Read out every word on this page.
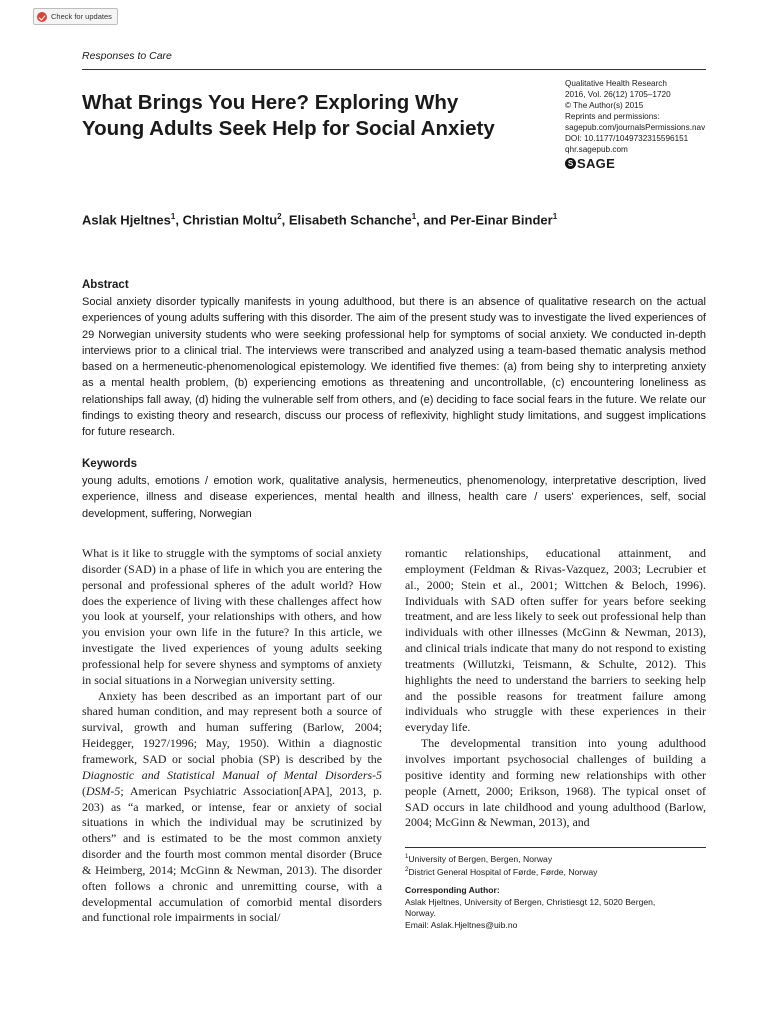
Check for updates
Responses to Care
What Brings You Here? Exploring Why Young Adults Seek Help for Social Anxiety
Qualitative Health Research
2016, Vol. 26(12) 1705–1720
© The Author(s) 2015
Reprints and permissions:
sagepub.com/journalsPermissions.nav
DOI: 10.1177/1049732315596151
qhr.sagepub.com
S SAGE
Aslak Hjeltnes$^1$, Christian Moltu$^2$, Elisabeth Schanche$^1$, and Per-Einar Binder$^1$
Abstract
Social anxiety disorder typically manifests in young adulthood, but there is an absence of qualitative research on the actual experiences of young adults suffering with this disorder. The aim of the present study was to investigate the lived experiences of 29 Norwegian university students who were seeking professional help for symptoms of social anxiety. We conducted in-depth interviews prior to a clinical trial. The interviews were transcribed and analyzed using a team-based thematic analysis method based on a hermeneutic-phenomenological epistemology. We identified five themes: (a) from being shy to interpreting anxiety as a mental health problem, (b) experiencing emotions as threatening and uncontrollable, (c) encountering loneliness as relationships fall away, (d) hiding the vulnerable self from others, and (e) deciding to face social fears in the future. We relate our findings to existing theory and research, discuss our process of reflexivity, highlight study limitations, and suggest implications for future research.
Keywords
young adults, emotions / emotion work, qualitative analysis, hermeneutics, phenomenology, interpretative description, lived experience, illness and disease experiences, mental health and illness, health care / users' experiences, self, social development, suffering, Norwegian

What is it like to struggle with the symptoms of social anxiety disorder (SAD) in a phase of life in which you are entering the personal and professional spheres of the adult world? How does the experience of living with these challenges affect how you look at yourself, your relationships with others, and how you envision your own life in the future? In this article, we investigate the lived experiences of young adults seeking professional help for severe shyness and symptoms of anxiety in social situations in a Norwegian university setting.

Anxiety has been described as an important part of our shared human condition, and may represent both a source of survival, growth and human suffering (Barlow, 2004; Heidegger, 1927/1996; May, 1950). Within a diagnostic framework, SAD or social phobia (SP) is described by the Diagnostic and Statistical Manual of Mental Disorders-5 (DSM-5; American Psychiatric Association[APA], 2013, p. 203) as “a marked, or intense, fear or anxiety of social situations in which the individual may be scrutinized by others” and is estimated to be the most common anxiety disorder and the fourth most common mental disorder (Bruce & Heimberg, 2014; McGinn & Newman, 2013). The disorder often follows a chronic and unremitting course, with a developmental accumulation of comorbid mental disorders and functional role impairments in social/

romantic relationships, educational attainment, and employment (Feldman & Rivas-Vazquez, 2003; Lecrubier et al., 2000; Stein et al., 2001; Wittchen & Beloch, 1996). Individuals with SAD often suffer for years before seeking treatment, and are less likely to seek out professional help than individuals with other illnesses (McGinn & Newman, 2013), and clinical trials indicate that many do not respond to existing treatments (Willutzki, Teismann, & Schulte, 2012). This highlights the need to understand the barriers to seeking help and the possible reasons for treatment failure among individuals who struggle with these experiences in their everyday life.

The developmental transition into young adulthood involves important psychosocial challenges of building a positive identity and forming new relationships with other people (Arnett, 2000; Erikson, 1968). The typical onset of SAD occurs in late childhood and young adulthood (Barlow, 2004; McGinn & Newman, 2013), and

$^1$University of Bergen, Bergen, Norway
$^2$District General Hospital of Førde, Førde, Norway
Corresponding Author:
Aslak Hjeltnes, University of Bergen, Christiesgt 12, 5020 Bergen,
Norway.
Email: Aslak.Hjeltnes@uib.no
